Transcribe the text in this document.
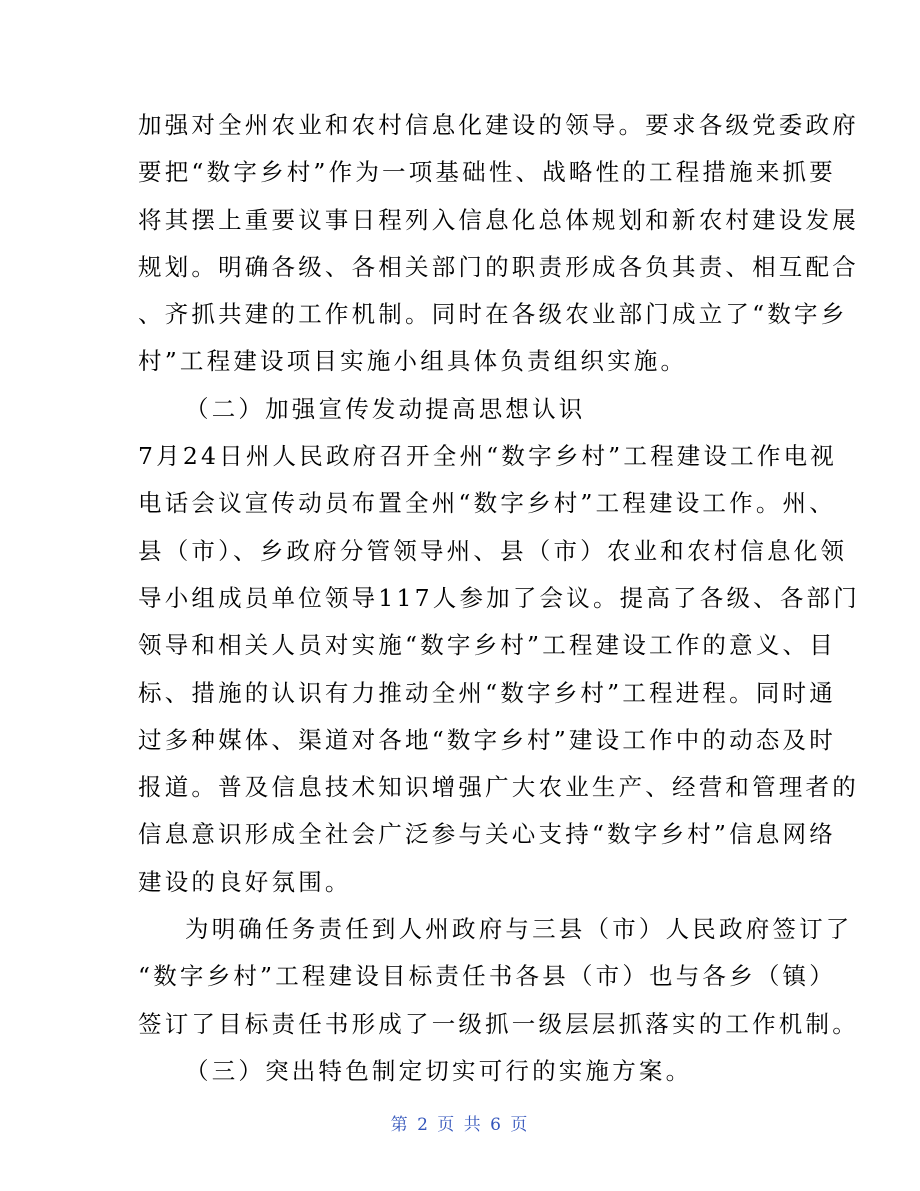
加强对全州农业和农村信息化建设的领导。要求各级党委政府
要把“数字乡村”作为一项基础性、战略性的工程措施来抓要
将其摆上重要议事日程列入信息化总体规划和新农村建设发展
规划。明确各级、各相关部门的职责形成各负其责、相互配合
、齐抓共建的工作机制。同时在各级农业部门成立了“数字乡
村”工程建设项目实施小组具体负责组织实施。
（二）加强宣传发动提高思想认识
7月24日州人民政府召开全州“数字乡村”工程建设工作电视
电话会议宣传动员布置全州“数字乡村”工程建设工作。州、
县（市）、乡政府分管领导州、县（市）农业和农村信息化领
导小组成员单位领导117人参加了会议。提高了各级、各部门
领导和相关人员对实施“数字乡村”工程建设工作的意义、目
标、措施的认识有力推动全州“数字乡村”工程进程。同时通
过多种媒体、渠道对各地“数字乡村”建设工作中的动态及时
报道。普及信息技术知识增强广大农业生产、经营和管理者的
信息意识形成全社会广泛参与关心支持“数字乡村”信息网络
建设的良好氛围。
为明确任务责任到人州政府与三县（市）人民政府签订了
“数字乡村”工程建设目标责任书各县（市）也与各乡（镇）
签订了目标责任书形成了一级抓一级层层抓落实的工作机制。
（三）突出特色制定切实可行的实施方案。
第 2 页 共 6 页
